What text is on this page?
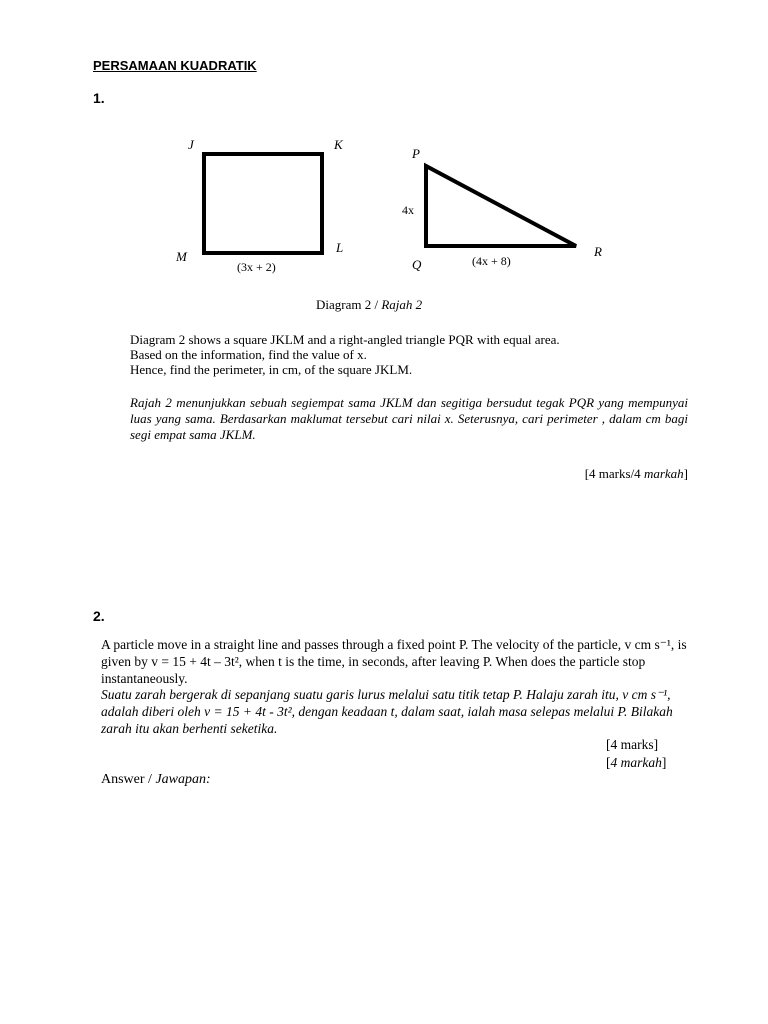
PERSAMAAN KUADRATIK
1.
J	K
L
M
(3x + 2)
P
Q
R
4x
(4x + 8)
Diagram 2 / Rajah 2
Diagram 2 shows a square JKLM and a right-angled triangle PQR with equal area.
Based on the information, find the value of x.
Hence, find the perimeter, in cm, of the square JKLM.
Rajah 2 menunjukkan sebuah segiempat sama JKLM dan segitiga bersudut tegak PQR yang mempunyai luas yang sama. Berdasarkan maklumat tersebut cari nilai x. Seterusnya, cari perimeter , dalam cm bagi segi empat sama JKLM.
[4 marks/4 markah]
2.
A particle move in a straight line and passes through a fixed point P. The velocity of the particle, v cm s⁻¹, is given by v = 15 + 4t – 3t², when t is the time, in seconds, after leaving P. When does the particle stop instantaneously.
Suatu zarah bergerak di sepanjang suatu garis lurus melalui satu titik tetap P. Halaju zarah itu, v cm s⁻¹, adalah diberi oleh v = 15 + 4t - 3t², dengan keadaan t, dalam saat, ialah masa selepas melalui P. Bilakah zarah itu akan berhenti seketika.
[4 marks]
[4 markah]
Answer / Jawapan:
